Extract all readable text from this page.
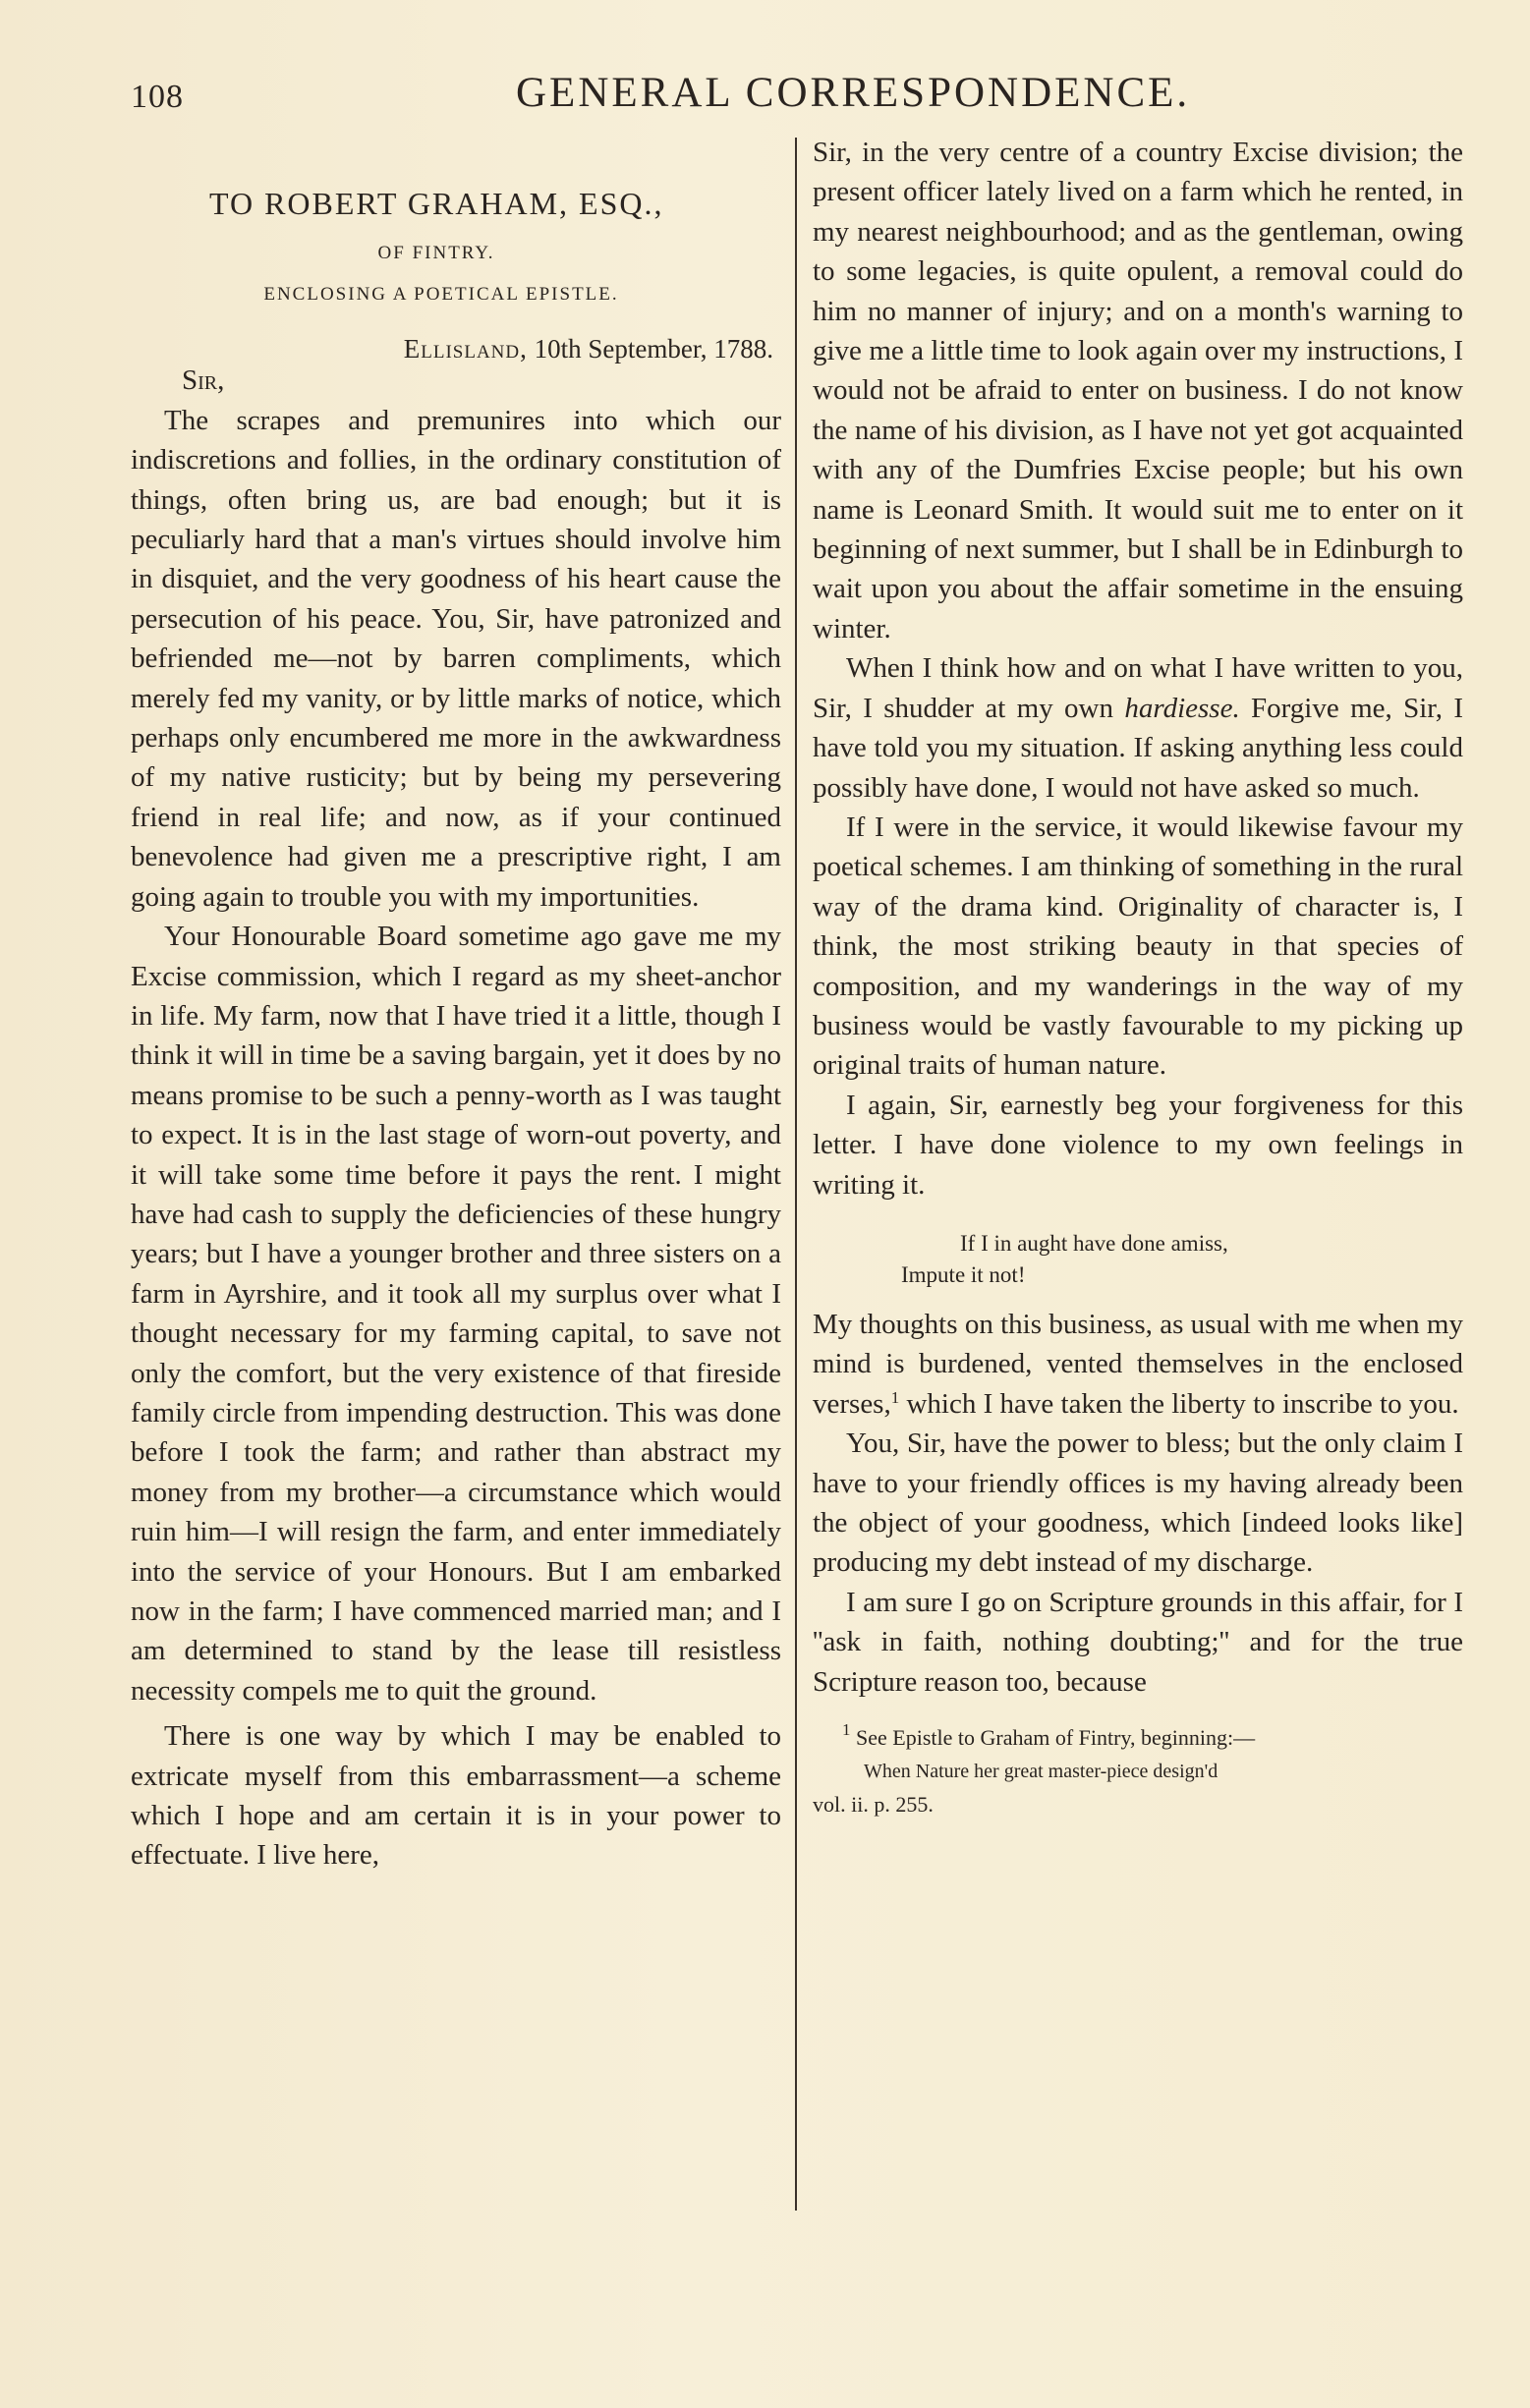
108	GENERAL CORRESPONDENCE.

TO ROBERT GRAHAM, ESQ.,

OF FINTRY.

ENCLOSING A POETICAL EPISTLE.

Ellisland, 10th September, 1788.

Sir,

The scrapes and premunires into which our indiscretions and follies, in the ordinary constitution of things, often bring us, are bad enough; but it is peculiarly hard that a man's virtues should involve him in disquiet, and the very goodness of his heart cause the persecution of his peace. You, Sir, have patronized and befriended me—not by barren compliments, which merely fed my vanity, or by little marks of notice, which perhaps only encumbered me more in the awkwardness of my native rusticity; but by being my persevering friend in real life; and now, as if your continued benevolence had given me a prescriptive right, I am going again to trouble you with my importunities.

Your Honourable Board sometime ago gave me my Excise commission, which I regard as my sheet-anchor in life. My farm, now that I have tried it a little, though I think it will in time be a saving bargain, yet it does by no means promise to be such a penny-worth as I was taught to expect. It is in the last stage of worn-out poverty, and it will take some time before it pays the rent. I might have had cash to supply the deficiencies of these hungry years; but I have a younger brother and three sisters on a farm in Ayrshire, and it took all my surplus over what I thought necessary for my farming capital, to save not only the comfort, but the very existence of that fireside family circle from impending destruction. This was done before I took the farm; and rather than abstract my money from my brother—a circumstance which would ruin him—I will resign the farm, and enter immediately into the service of your Honours. But I am embarked now in the farm; I have commenced married man; and I am determined to stand by the lease till resistless necessity compels me to quit the ground.

There is one way by which I may be enabled to extricate myself from this embarrassment—a scheme which I hope and am certain it is in your power to effectuate. I live here,

Sir, in the very centre of a country Excise division; the present officer lately lived on a farm which he rented, in my nearest neighbourhood; and as the gentleman, owing to some legacies, is quite opulent, a removal could do him no manner of injury; and on a month's warning to give me a little time to look again over my instructions, I would not be afraid to enter on business. I do not know the name of his division, as I have not yet got acquainted with any of the Dumfries Excise people; but his own name is Leonard Smith. It would suit me to enter on it beginning of next summer, but I shall be in Edinburgh to wait upon you about the affair sometime in the ensuing winter.

When I think how and on what I have written to you, Sir, I shudder at my own hardiesse. Forgive me, Sir, I have told you my situation. If asking anything less could possibly have done, I would not have asked so much.

If I were in the service, it would likewise favour my poetical schemes. I am thinking of something in the rural way of the drama kind. Originality of character is, I think, the most striking beauty in that species of composition, and my wanderings in the way of my business would be vastly favourable to my picking up original traits of human nature.

I again, Sir, earnestly beg your forgiveness for this letter. I have done violence to my own feelings in writing it.

If I in aught have done amiss,
Impute it not!

My thoughts on this business, as usual with me when my mind is burdened, vented themselves in the enclosed verses,$^1$ which I have taken the liberty to inscribe to you.

You, Sir, have the power to bless; but the only claim I have to your friendly offices is my having already been the object of your goodness, which [indeed looks like] producing my debt instead of my discharge.

I am sure I go on Scripture grounds in this affair, for I ''ask in faith, nothing doubting;'' and for the true Scripture reason too, because

$^1$ See Epistle to Graham of Fintry, beginning:—
When Nature her great master-piece design'd
vol. ii. p. 255.
